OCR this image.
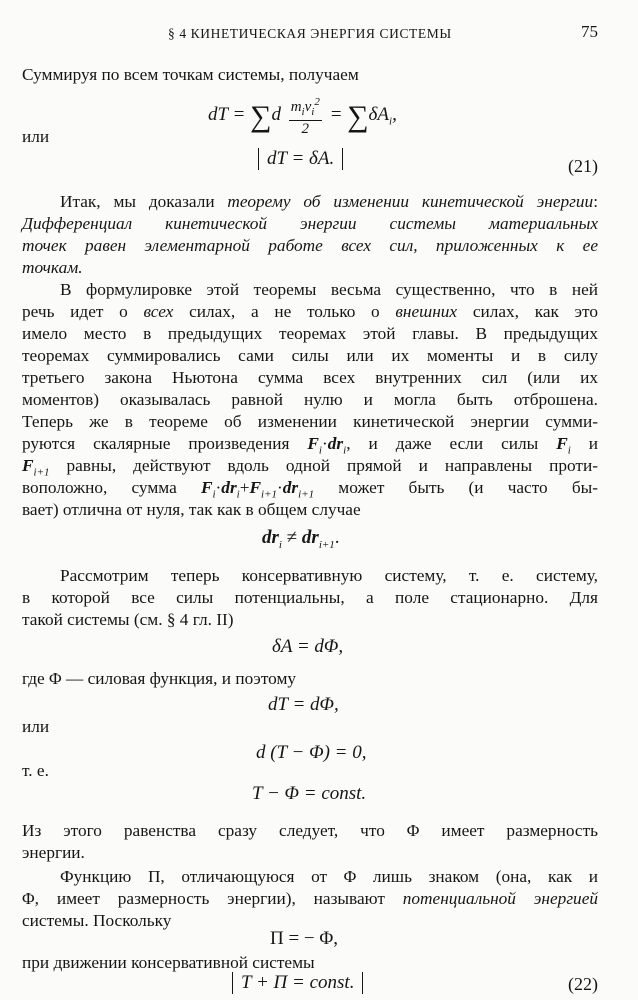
§ 4 КИНЕТИЧЕСКАЯ ЭНЕРГИЯ СИСТЕМЫ	75
Суммируя по всем точкам системы, получаем
dT = $\sum d \frac{m_iv_i^2}{2} = \sum\delta A_i$,
или
dT = δA.	(21)
Итак, мы доказали теорему об изменении кинетической энергии:
Дифференциал кинетической энергии системы материальных
точек равен элементарной работе всех сил, приложенных к ее
точкам.
В формулировке этой теоремы весьма существенно, что в ней
речь идет о всех силах, а не только о внешних силах, как это
имело место в предыдущих теоремах этой главы. В предыдущих
теоремах суммировались сами силы или их моменты и в силу
третьего закона Ньютона сумма всех внутренних сил (или их
моментов) оказывалась равной нулю и могла быть отброшена.
Теперь же в теореме об изменении кинетической энергии сумми-
руются скалярные произведения $F_i\cdot dr_i$, и даже если силы $F_i$ и
$F_{i+1}$ равны, действуют вдоль одной прямой и направлены проти-
воположно, сумма $F_i\cdot dr_i+F_{i+1}\cdot dr_{i+1}$ может быть (и часто бы-
вает) отлична от нуля, так как в общем случае
$dr_i \ne dr_{i+1}$.
Рассмотрим теперь консервативную систему, т. е. систему,
в которой все силы потенциальны, а поле стационарно. Для
такой системы (см. § 4 гл. II)
δA = dΦ,
где Φ — силовая функция, и поэтому
dT = dΦ,
или
d (T − Φ) = 0,
т. е.
T − Φ = const.
Из этого равенства сразу следует, что Φ имеет размерность
энергии.
Функцию П, отличающуюся от Φ лишь знаком (она, как и
Φ, имеет размерность энергии), называют потенциальной энергией
системы. Поскольку
П = − Φ,
при движении консервативной системы
T + П = const.	(22)
